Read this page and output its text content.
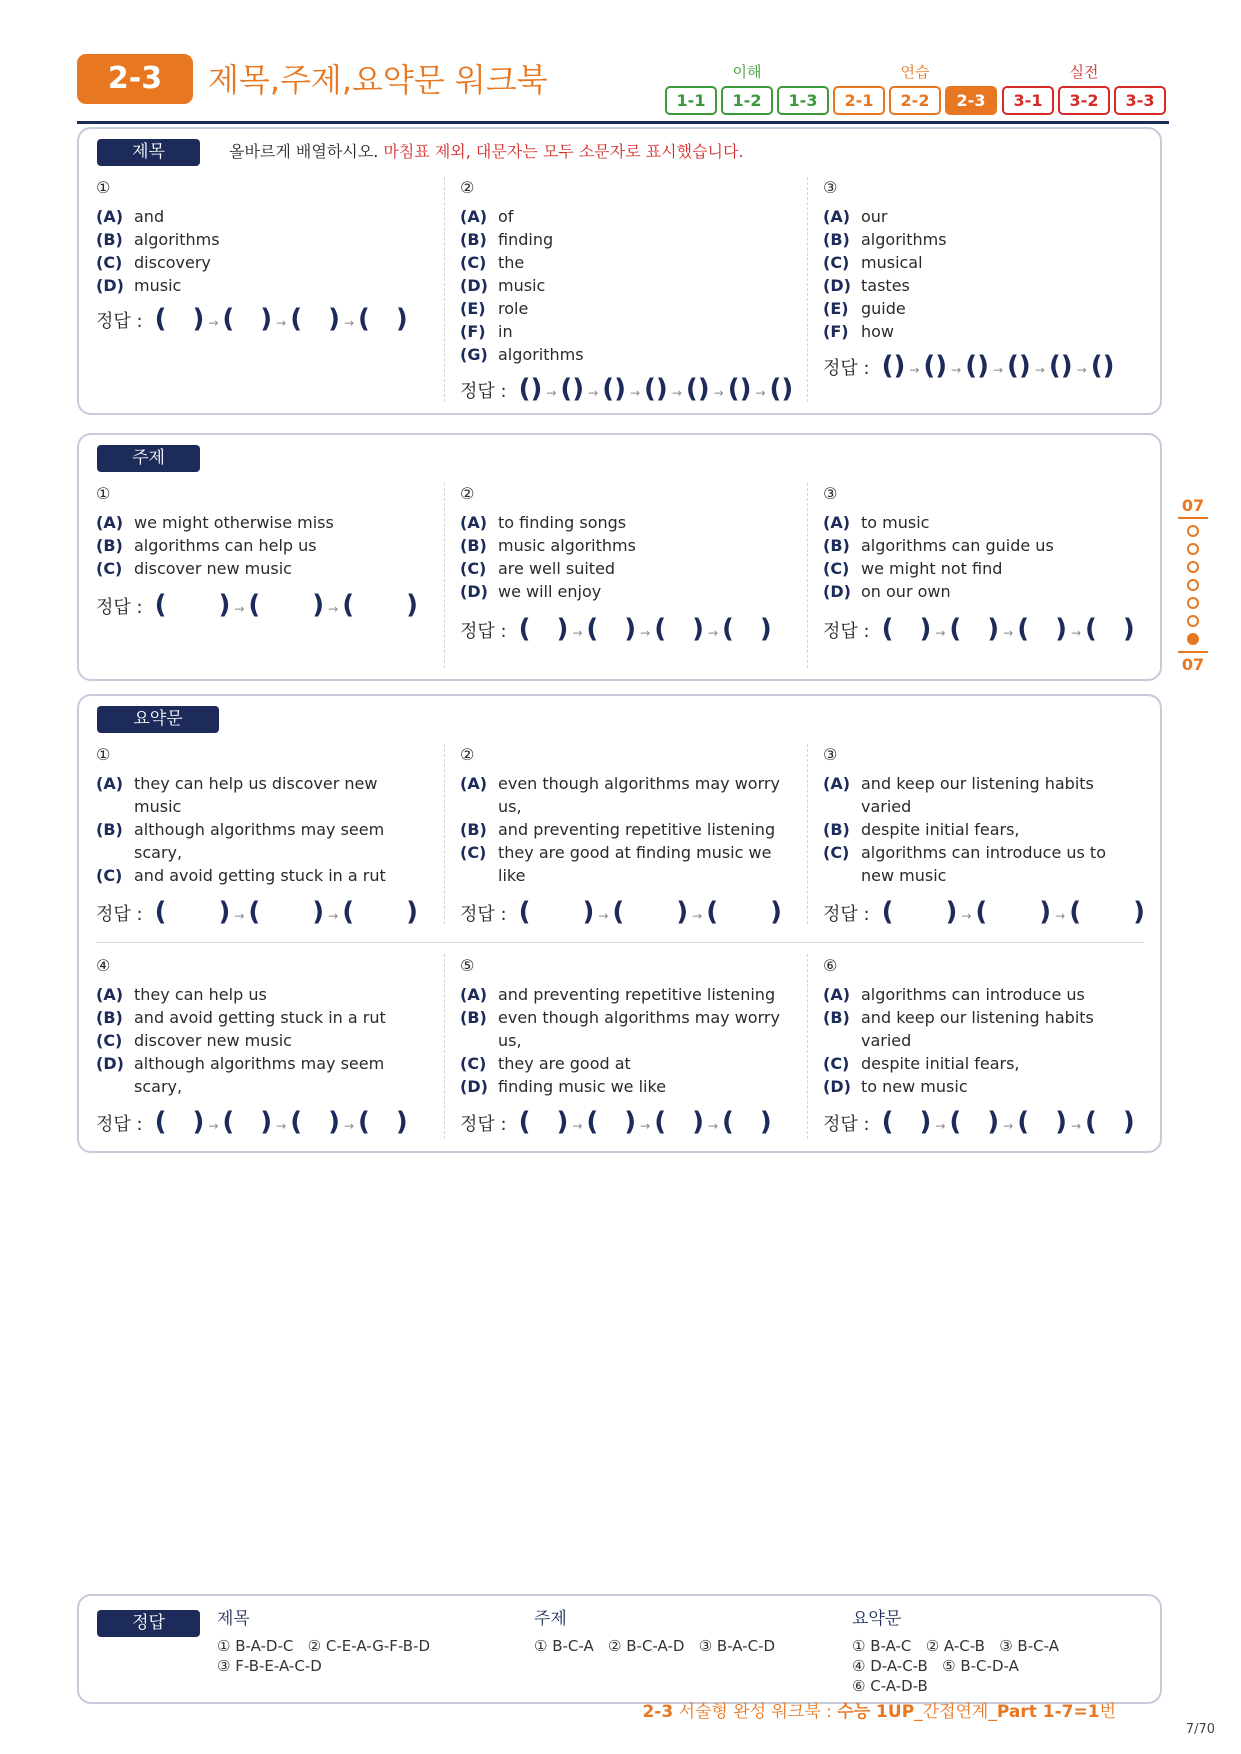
2-3	제목,주제,요약문 워크북	이해
1-1	1-2	1-3
연습
2-1	2-2	2-3
실전
3-1	3-2	3-3
제목	올바르게 배열하시오. 마침표 제외, 대문자는 모두 소문자로 표시했습니다.
①
(A) and
(B) algorithms
(C) discovery
(D) music
②
(A) of
(B) finding
(C) the
(D) music
(E) role
(F) in
(G) algorithms
③
(A) our
(B) algorithms
(C) musical
(D) tastes
(E) guide
(F) how
정답 : (  ) → (  ) → (  ) → (  )
정답 : () → () → () → () → () → () → ()
정답 : () → () → () → () → () → ()
주제
①
(A) we might otherwise miss
(B) algorithms can help us
(C) discover new music
②
(A) to finding songs
(B) music algorithms
(C) are well suited
(D) we will enjoy
③
(A) to music
(B) algorithms can guide us
(C) we might not find
(D) on our own
정답 : (   ) → (   ) → (   )
정답 : (  ) → (  ) → (  ) → (  )	정답 : (  ) → (  ) → (  ) → (  )
요약문
①
(A) they can help us discover new music
(B) although algorithms may seem scary,
(C) and avoid getting stuck in a rut
②
(A) even though algorithms may worry us,
(B) and preventing repetitive listening
(C) they are good at finding music we like
③
(A) and keep our listening habits varied
(B) despite initial fears,
(C) algorithms can introduce us to new music
정답 : (   ) → (   ) → (   ) 정답 : (   ) → (   ) → (   ) 정답 : (   ) → (   ) → (   )
④
(A) they can help us
(B) and avoid getting stuck in a rut
(C) discover new music
(D) although algorithms may seem scary,
⑤
(A) and preventing repetitive listening
(B) even though algorithms may worry us,
(C) they are good at
(D) finding music we like
⑥
(A) algorithms can introduce us
(B) and keep our listening habits varied
(C) despite initial fears,
(D) to new music
정답 : (  ) → (  ) → (  ) → (  )	정답 : (  ) → (  ) → (  ) → (  )	정답 : (  ) → (  ) → (  ) → (  )
07
07
정답	제목
① B-A-D-C   ② C-E-A-G-F-B-D
③ F-B-E-A-C-D
주제
① B-C-A   ② B-C-A-D   ③ B-A-C-D
요약문
① B-A-C   ② A-C-B   ③ B-C-A
④ D-A-C-B   ⑤ B-C-D-A
⑥ C-A-D-B
2-3 서술형 완성 워크북 : 수능 1UP_간접연계_Part 1-7=1번
7/70
